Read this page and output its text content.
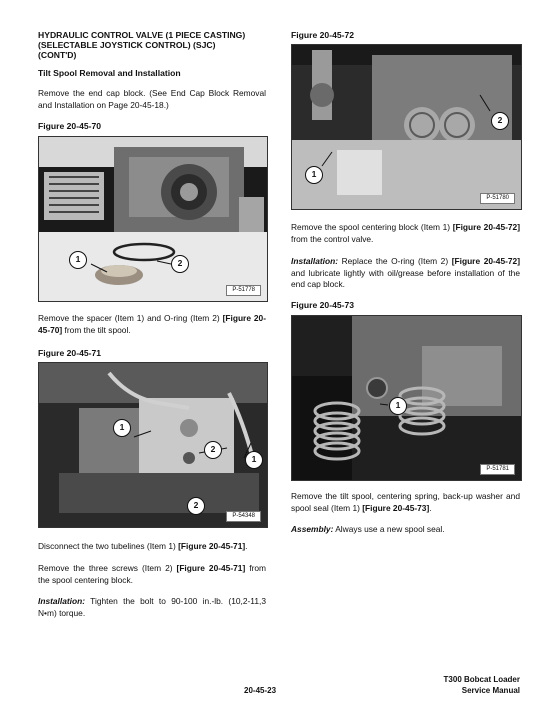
HYDRAULIC CONTROL VALVE (1 PIECE CASTING)

(SELECTABLE JOYSTICK CONTROL) (SJC)

(CONT'D)

Tilt Spool Removal and Installation

Remove the end cap block. (See End Cap Block Removal and Installation on Page 20-45-18.)

Figure 20-45-70

1	2
P-51778

Remove the spacer (Item 1) and O-ring (Item 2) [Figure 20-45-70] from the tilt spool.

Figure 20-45-71

1
1
2
2
P-54348

Disconnect the two tubelines (Item 1) [Figure 20-45-71].

Remove the three screws (Item 2) [Figure 20-45-71] from the spool centering block.

Installation: Tighten the bolt to 90-100 in.-lb. (10,2-11,3 N•m) torque.

Figure 20-45-72

2
1
P-51780

Remove the spool centering block (Item 1) [Figure 20-45-72] from the control valve.

Installation: Replace the O-ring (Item 2) [Figure 20-45-72] and lubricate lightly with oil/grease before installation of the end cap block.

Figure 20-45-73

1
P-51781

Remove the tilt spool, centering spring, back-up washer and spool seal (Item 1) [Figure 20-45-73].

Assembly: Always use a new spool seal.

20-45-23
T300 Bobcat Loader
Service Manual
